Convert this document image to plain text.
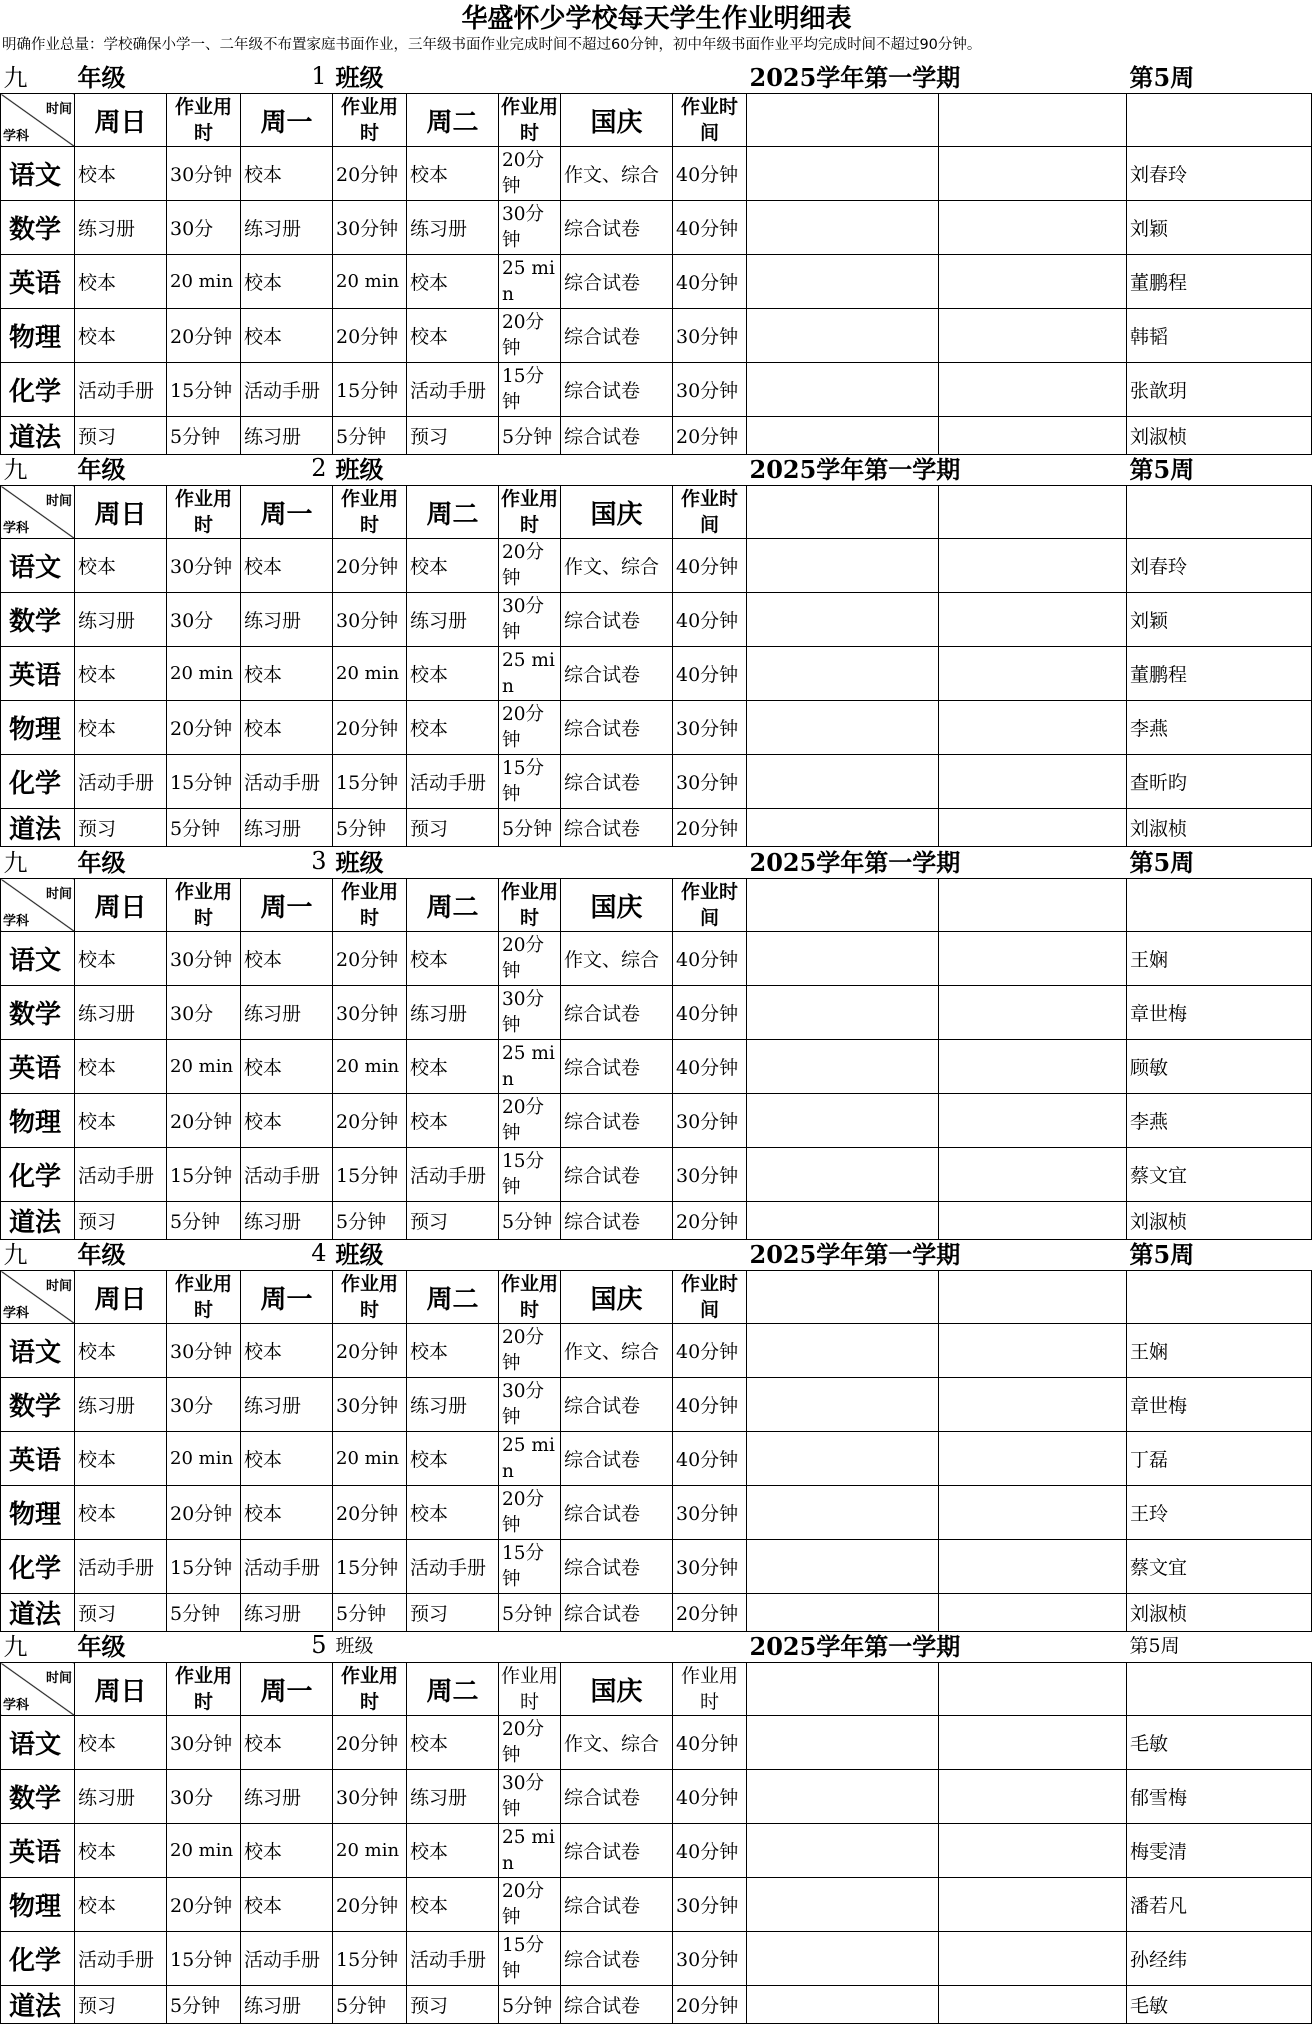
华盛怀少学校每天学生作业明细表
明确作业总量：学校确保小学一、二年级不布置家庭书面作业，三年级书面作业完成时间不超过60分钟，初中年级书面作业平均完成时间不超过90分钟。
九	年级		1	班级					2025学年第一学期		第5周	

时间
学科	周日	作业用时	周一	作业用时	周二	作业用时	国庆	作业时间				
语文	校本	30分钟	校本	20分钟	校本	20分钟	作文、综合	40分钟			刘春玲	
数学	练习册	30分	练习册	30分钟	练习册	30分钟	综合试卷	40分钟			刘颖	
英语	校本	20 min	校本	20 min	校本	25 min	综合试卷	40分钟			董鹏程	
物理	校本	20分钟	校本	20分钟	校本	20分钟	综合试卷	30分钟			韩韬	
化学	活动手册	15分钟	活动手册	15分钟	活动手册	15分钟	综合试卷	30分钟			张歆玥	
道法	预习	5分钟	练习册	5分钟	预习	5分钟	综合试卷	20分钟			刘淑桢	
九	年级		2	班级					2025学年第一学期		第5周	

时间
学科	周日	作业用时	周一	作业用时	周二	作业用时	国庆	作业时间				
语文	校本	30分钟	校本	20分钟	校本	20分钟	作文、综合	40分钟			刘春玲	
数学	练习册	30分	练习册	30分钟	练习册	30分钟	综合试卷	40分钟			刘颖	
英语	校本	20 min	校本	20 min	校本	25 min	综合试卷	40分钟			董鹏程	
物理	校本	20分钟	校本	20分钟	校本	20分钟	综合试卷	30分钟			李燕	
化学	活动手册	15分钟	活动手册	15分钟	活动手册	15分钟	综合试卷	30分钟			查昕昀	
道法	预习	5分钟	练习册	5分钟	预习	5分钟	综合试卷	20分钟			刘淑桢	
九	年级		3	班级					2025学年第一学期		第5周	

时间
学科	周日	作业用时	周一	作业用时	周二	作业用时	国庆	作业时间				
语文	校本	30分钟	校本	20分钟	校本	20分钟	作文、综合	40分钟			王娴	
数学	练习册	30分	练习册	30分钟	练习册	30分钟	综合试卷	40分钟			章世梅	
英语	校本	20 min	校本	20 min	校本	25 min	综合试卷	40分钟			顾敏	
物理	校本	20分钟	校本	20分钟	校本	20分钟	综合试卷	30分钟			李燕	
化学	活动手册	15分钟	活动手册	15分钟	活动手册	15分钟	综合试卷	30分钟			蔡文宜	
道法	预习	5分钟	练习册	5分钟	预习	5分钟	综合试卷	20分钟			刘淑桢	
九	年级		4	班级					2025学年第一学期		第5周	

时间
学科	周日	作业用时	周一	作业用时	周二	作业用时	国庆	作业时间				
语文	校本	30分钟	校本	20分钟	校本	20分钟	作文、综合	40分钟			王娴	
数学	练习册	30分	练习册	30分钟	练习册	30分钟	综合试卷	40分钟			章世梅	
英语	校本	20 min	校本	20 min	校本	25 min	综合试卷	40分钟			丁磊	
物理	校本	20分钟	校本	20分钟	校本	20分钟	综合试卷	30分钟			王玲	
化学	活动手册	15分钟	活动手册	15分钟	活动手册	15分钟	综合试卷	30分钟			蔡文宜	
道法	预习	5分钟	练习册	5分钟	预习	5分钟	综合试卷	20分钟			刘淑桢	
九	年级		5	班级					2025学年第一学期		第5周	

时间
学科	周日	作业用时	周一	作业用时	周二	作业用时	国庆	作业用时				
语文	校本	30分钟	校本	20分钟	校本	20分钟	作文、综合	40分钟			毛敏	
数学	练习册	30分	练习册	30分钟	练习册	30分钟	综合试卷	40分钟			郁雪梅	
英语	校本	20 min	校本	20 min	校本	25 min	综合试卷	40分钟			梅雯清	
物理	校本	20分钟	校本	20分钟	校本	20分钟	综合试卷	30分钟			潘若凡	
化学	活动手册	15分钟	活动手册	15分钟	活动手册	15分钟	综合试卷	30分钟			孙经纬	
道法	预习	5分钟	练习册	5分钟	预习	5分钟	综合试卷	20分钟			毛敏	
